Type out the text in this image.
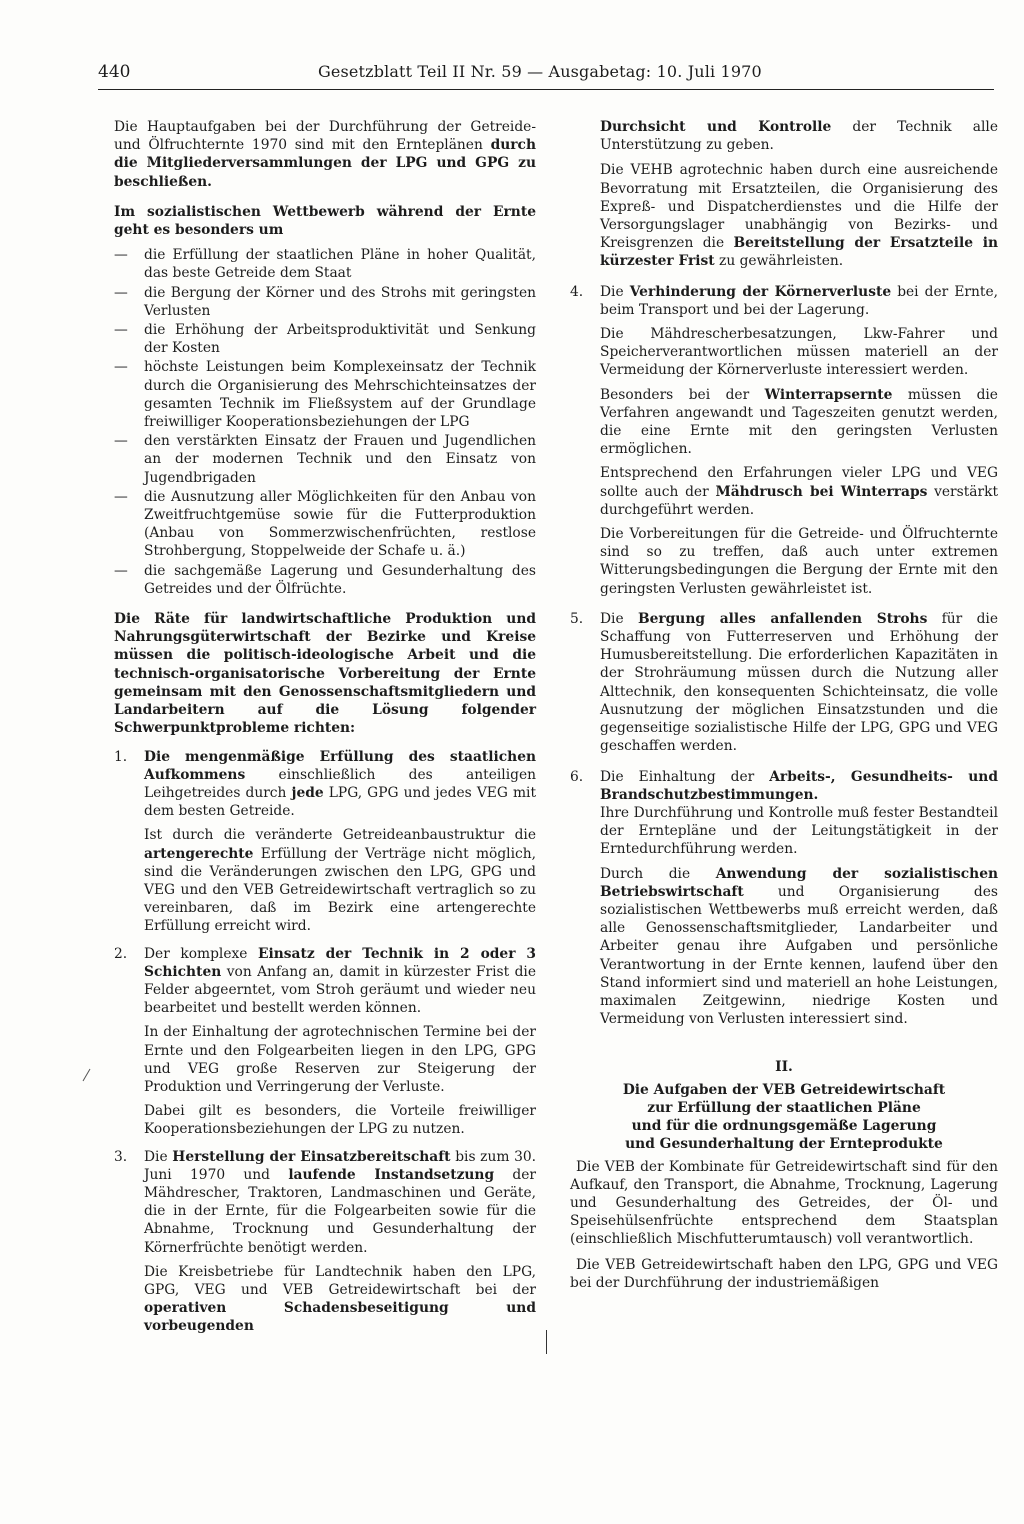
440	Gesetzblatt Teil II Nr. 59 — Ausgabetag: 10. Juli 1970

Die Hauptaufgaben bei der Durchführung der Getreide- und Ölfruchternte 1970 sind mit den Ernteplänen durch die Mitgliederversammlungen der LPG und GPG zu beschließen.

Im sozialistischen Wettbewerb während der Ernte geht es besonders um

— die Erfüllung der staatlichen Pläne in hoher Qualität, das beste Getreide dem Staat
— die Bergung der Körner und des Strohs mit geringsten Verlusten
— die Erhöhung der Arbeitsproduktivität und Senkung der Kosten
— höchste Leistungen beim Komplexeinsatz der Technik durch die Organisierung des Mehrschichteinsatzes der gesamten Technik im Fließsystem auf der Grundlage freiwilliger Kooperationsbeziehungen der LPG
— den verstärkten Einsatz der Frauen und Jugendlichen an der modernen Technik und den Einsatz von Jugendbrigaden
— die Ausnutzung aller Möglichkeiten für den Anbau von Zweitfruchtgemüse sowie für die Futterproduktion (Anbau von Sommerzwischenfrüchten, restlose Strohbergung, Stoppelweide der Schafe u. ä.)
— die sachgemäße Lagerung und Gesunderhaltung des Getreides und der Ölfrüchte.

Die Räte für landwirtschaftliche Produktion und Nahrungsgüterwirtschaft der Bezirke und Kreise müssen die politisch-ideologische Arbeit und die technisch-organisatorische Vorbereitung der Ernte gemeinsam mit den Genossenschaftsmitgliedern und Landarbeitern auf die Lösung folgender Schwerpunktprobleme richten:

1. Die mengenmäßige Erfüllung des staatlichen Aufkommens einschließlich des anteiligen Leihgetreides durch jede LPG, GPG und jedes VEG mit dem besten Getreide.

Ist durch die veränderte Getreideanbaustruktur die artengerechte Erfüllung der Verträge nicht möglich, sind die Veränderungen zwischen den LPG, GPG und VEG und den VEB Getreidewirtschaft vertraglich so zu vereinbaren, daß im Bezirk eine artengerechte Erfüllung erreicht wird.

2. Der komplexe Einsatz der Technik in 2 oder 3 Schichten von Anfang an, damit in kürzester Frist die Felder abgeerntet, vom Stroh geräumt und wieder neu bearbeitet und bestellt werden können.

In der Einhaltung der agrotechnischen Termine bei der Ernte und den Folgearbeiten liegen in den LPG, GPG und VEG große Reserven zur Steigerung der Produktion und Verringerung der Verluste.

Dabei gilt es besonders, die Vorteile freiwilliger Kooperationsbeziehungen der LPG zu nutzen.

3. Die Herstellung der Einsatzbereitschaft bis zum 30. Juni 1970 und laufende Instandsetzung der Mähdrescher, Traktoren, Landmaschinen und Geräte, die in der Ernte, für die Folgearbeiten sowie für die Abnahme, Trocknung und Gesunderhaltung der Körnerfrüchte benötigt werden.

Die Kreisbetriebe für Landtechnik haben den LPG, GPG, VEG und VEB Getreidewirtschaft bei der operativen Schadensbeseitigung und vorbeugenden

Durchsicht und Kontrolle der Technik alle Unterstützung zu geben.

Die VEHB agrotechnic haben durch eine ausreichende Bevorratung mit Ersatzteilen, die Organisierung des Expreß- und Dispatcherdienstes und die Hilfe der Versorgungslager unabhängig von Bezirks- und Kreisgrenzen die Bereitstellung der Ersatzteile in kürzester Frist zu gewährleisten.

4. Die Verhinderung der Körnerverluste bei der Ernte, beim Transport und bei der Lagerung.

Die Mähdrescherbesatzungen, Lkw-Fahrer und Speicherverantwortlichen müssen materiell an der Vermeidung der Körnerverluste interessiert werden.

Besonders bei der Winterrapsernte müssen die Verfahren angewandt und Tageszeiten genutzt werden, die eine Ernte mit den geringsten Verlusten ermöglichen.

Entsprechend den Erfahrungen vieler LPG und VEG sollte auch der Mähdrusch bei Winterraps verstärkt durchgeführt werden.

Die Vorbereitungen für die Getreide- und Ölfruchternte sind so zu treffen, daß auch unter extremen Witterungsbedingungen die Bergung der Ernte mit den geringsten Verlusten gewährleistet ist.

5. Die Bergung alles anfallenden Strohs für die Schaffung von Futterreserven und Erhöhung der Humusbereitstellung. Die erforderlichen Kapazitäten in der Strohräumung müssen durch die Nutzung aller Alttechnik, den konsequenten Schichteinsatz, die volle Ausnutzung der möglichen Einsatzstunden und die gegenseitige sozialistische Hilfe der LPG, GPG und VEG geschaffen werden.

6. Die Einhaltung der Arbeits-, Gesundheits- und Brandschutzbestimmungen.

Ihre Durchführung und Kontrolle muß fester Bestandteil der Erntepläne und der Leitungstätigkeit in der Erntedurchführung werden.

Durch die Anwendung der sozialistischen Betriebswirtschaft und Organisierung des sozialistischen Wettbewerbs muß erreicht werden, daß alle Genossenschaftsmitglieder, Landarbeiter und Arbeiter genau ihre Aufgaben und persönliche Verantwortung in der Ernte kennen, laufend über den Stand informiert sind und materiell an hohe Leistungen, maximalen Zeitgewinn, niedrige Kosten und Vermeidung von Verlusten interessiert sind.

II.
Die Aufgaben der VEB Getreidewirtschaft
zur Erfüllung der staatlichen Pläne
und für die ordnungsgemäße Lagerung
und Gesunderhaltung der Ernteprodukte

Die VEB der Kombinate für Getreidewirtschaft sind für den Aufkauf, den Transport, die Abnahme, Trocknung, Lagerung und Gesunderhaltung des Getreides, der Öl- und Speisehülsenfrüchte entsprechend dem Staatsplan (einschließlich Mischfutterumtausch) voll verantwortlich.

Die VEB Getreidewirtschaft haben den LPG, GPG und VEG bei der Durchführung der industriemäßigen
